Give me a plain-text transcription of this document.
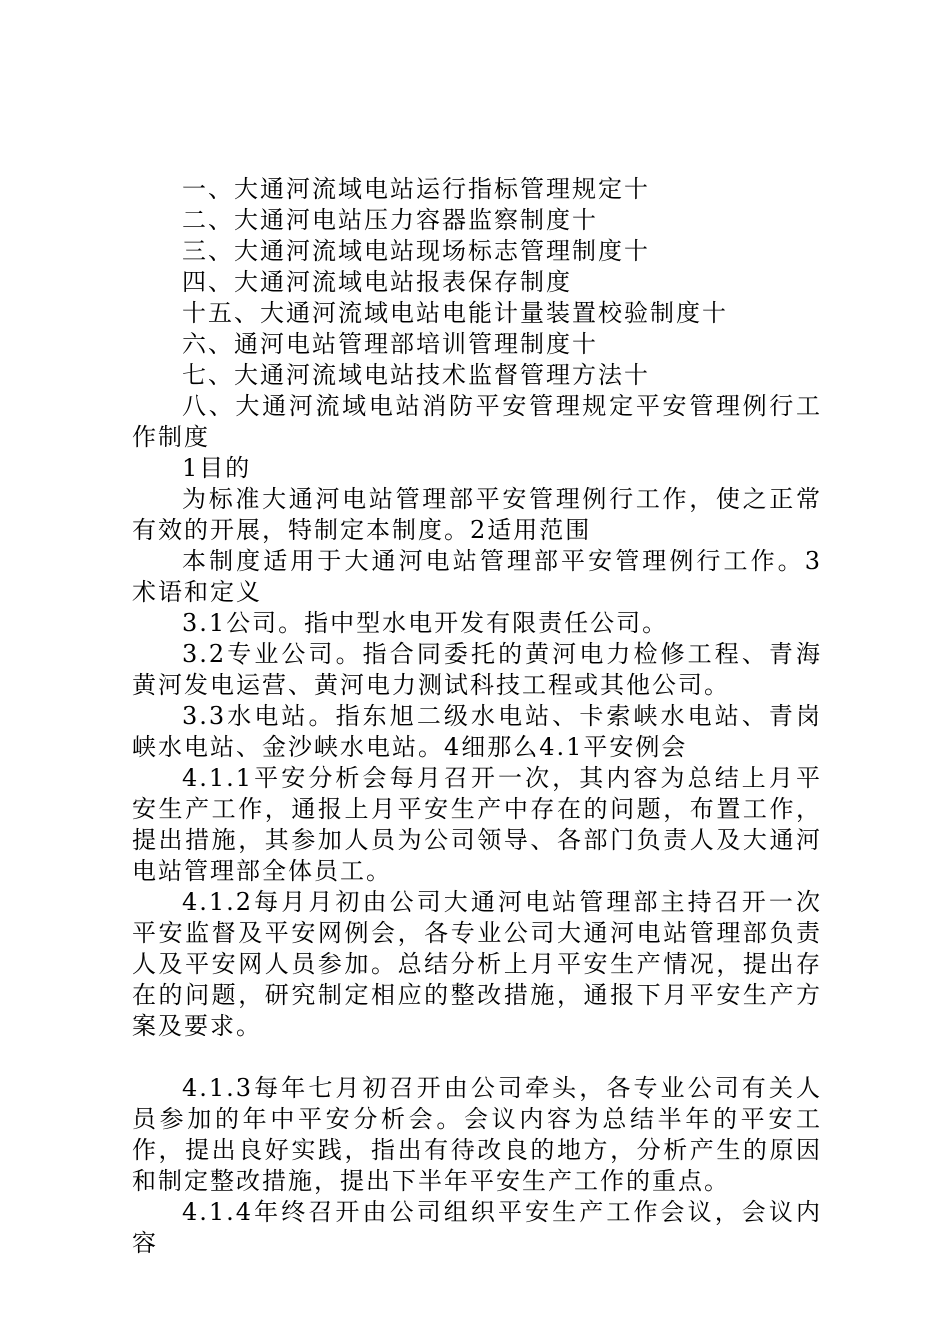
一、大通河流域电站运行指标管理规定十

二、大通河电站压力容器监察制度十

三、大通河流域电站现场标志管理制度十

四、大通河流域电站报表保存制度

十五、大通河流域电站电能计量装置校验制度十

六、通河电站管理部培训管理制度十

七、大通河流域电站技术监督管理方法十

八、大通河流域电站消防平安管理规定平安管理例行工作制度

1目的

为标准大通河电站管理部平安管理例行工作，使之正常有效的开展，特制定本制度。2适用范围

本制度适用于大通河电站管理部平安管理例行工作。3术语和定义

3.1公司。指中型水电开发有限责任公司。

3.2专业公司。指合同委托的黄河电力检修工程、青海黄河发电运营、黄河电力测试科技工程或其他公司。

3.3水电站。指东旭二级水电站、卡索峡水电站、青岗峡水电站、金沙峡水电站。4细那么4.1平安例会

4.1.1平安分析会每月召开一次，其内容为总结上月平安生产工作，通报上月平安生产中存在的问题，布置工作，提出措施，其参加人员为公司领导、各部门负责人及大通河电站管理部全体员工。

4.1.2每月月初由公司大通河电站管理部主持召开一次平安监督及平安网例会，各专业公司大通河电站管理部负责人及平安网人员参加。总结分析上月平安生产情况，提出存在的问题，研究制定相应的整改措施，通报下月平安生产方案及要求。

4.1.3每年七月初召开由公司牵头，各专业公司有关人员参加的年中平安分析会。会议内容为总结半年的平安工作，提出良好实践，指出有待改良的地方，分析产生的原因和制定整改措施，提出下半年平安生产工作的重点。

4.1.4年终召开由公司组织平安生产工作会议，会议内容
